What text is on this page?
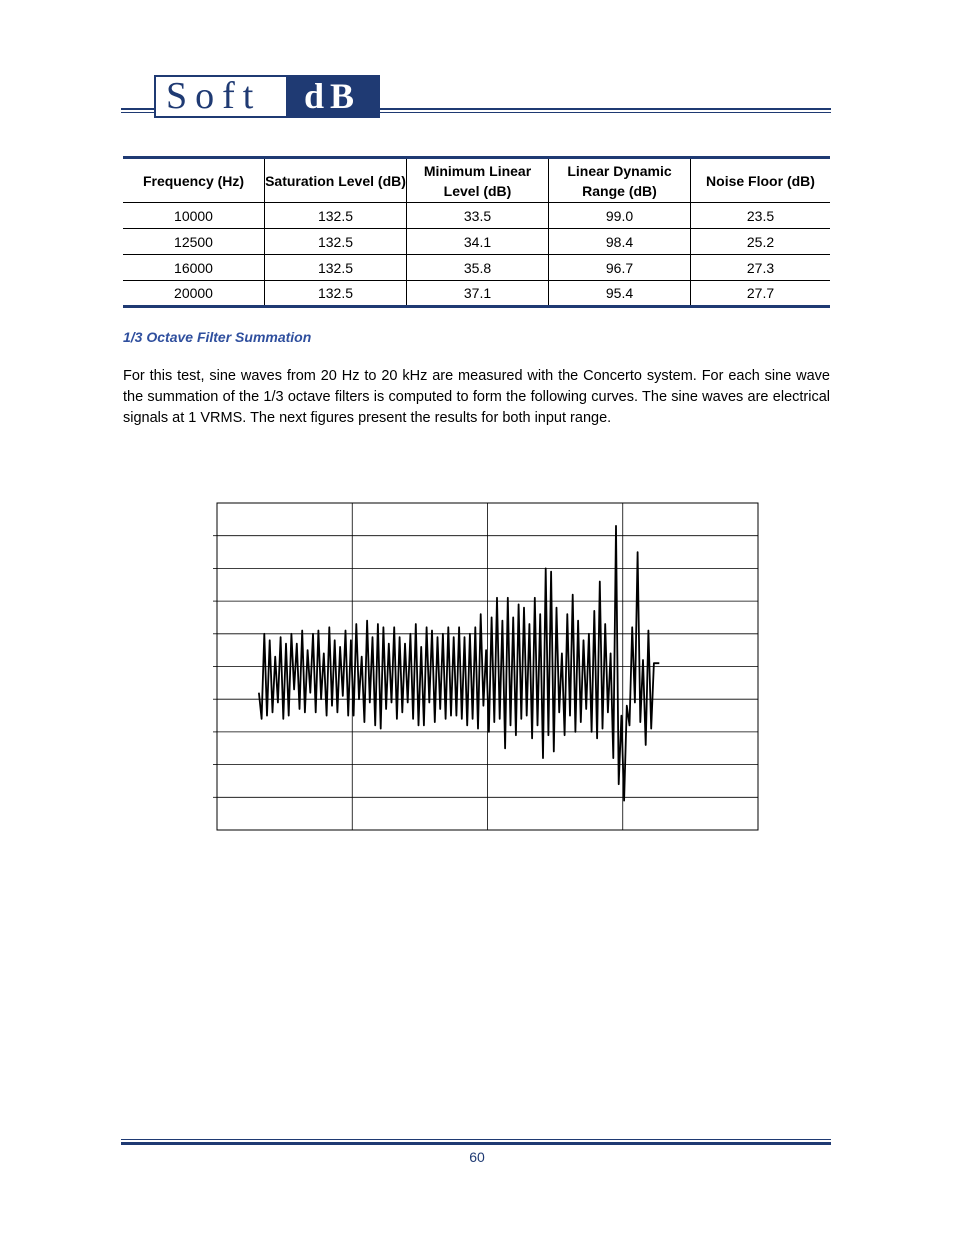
Soft	dB
Frequency (Hz)	Saturation Level (dB)	Minimum Linear Level (dB)	Linear Dynamic Range (dB)	Noise Floor (dB)
10000	132.5	33.5	99.0	23.5
12500	132.5	34.1	98.4	25.2
16000	132.5	35.8	96.7	27.3
20000	132.5	37.1	95.4	27.7
1/3 Octave Filter Summation
For this test, sine waves from 20 Hz to 20 kHz are measured with the Concerto system. For each sine wave the summation of the 1/3 octave filters is computed to form the following curves. The sine waves are electrical signals at 1 VRMS. The next figures present the results for both input range.
60
